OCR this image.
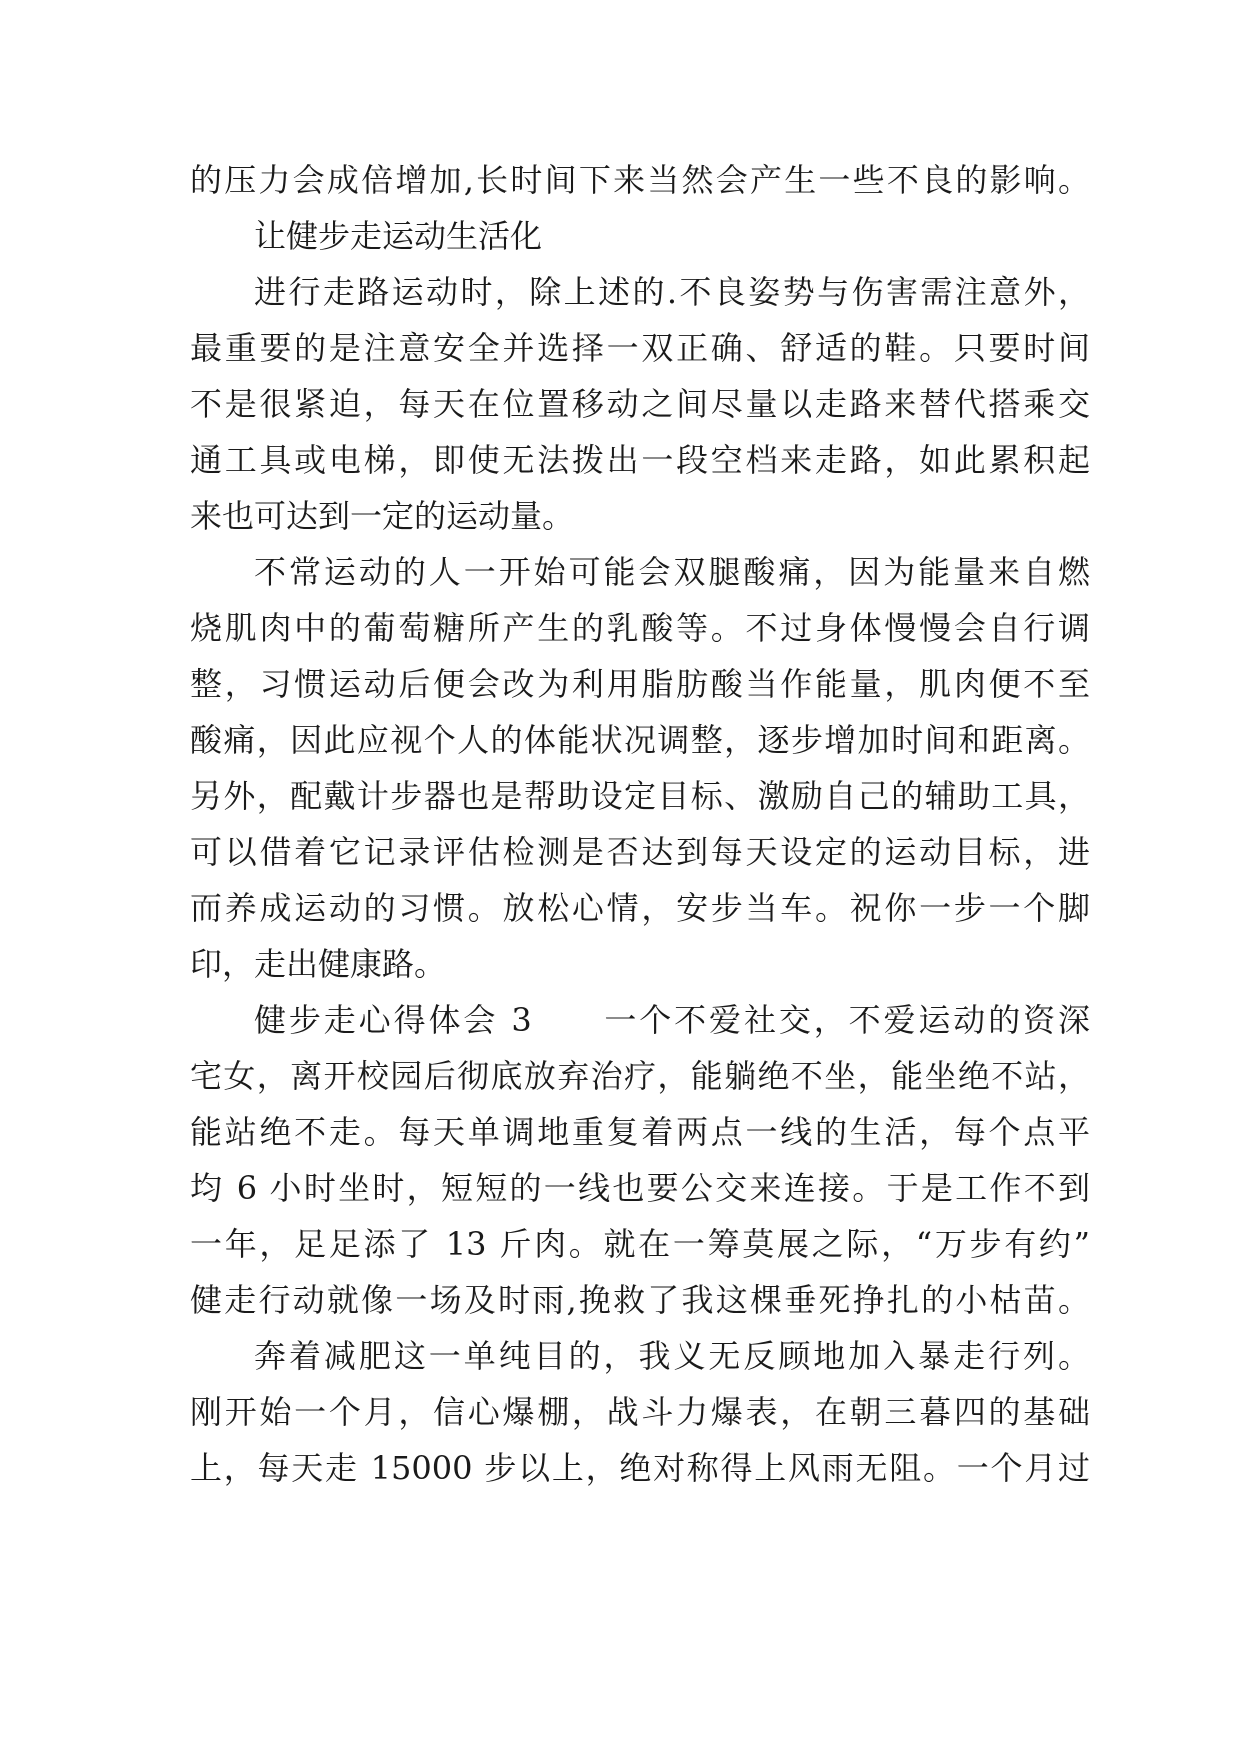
的压力会成倍增加,长时间下来当然会产生一些不良的影响。
让健步走运动生活化
进行走路运动时，除上述的.不良姿势与伤害需注意外，
最重要的是注意安全并选择一双正确、舒适的鞋。只要时间
不是很紧迫，每天在位置移动之间尽量以走路来替代搭乘交
通工具或电梯，即使无法拨出一段空档来走路，如此累积起
来也可达到一定的运动量。
不常运动的人一开始可能会双腿酸痛，因为能量来自燃
烧肌肉中的葡萄糖所产生的乳酸等。不过身体慢慢会自行调
整，习惯运动后便会改为利用脂肪酸当作能量，肌肉便不至
酸痛，因此应视个人的体能状况调整，逐步增加时间和距离。
另外，配戴计步器也是帮助设定目标、激励自己的辅助工具，
可以借着它记录评估检测是否达到每天设定的运动目标，进
而养成运动的习惯。放松心情，安步当车。祝你一步一个脚
印，走出健康路。
健步走心得体会 3　　一个不爱社交，不爱运动的资深
宅女，离开校园后彻底放弃治疗，能躺绝不坐，能坐绝不站，
能站绝不走。每天单调地重复着两点一线的生活，每个点平
均 6 小时坐时，短短的一线也要公交来连接。于是工作不到
一年，足足添了 13 斤肉。就在一筹莫展之际，“万步有约”
健走行动就像一场及时雨,挽救了我这棵垂死挣扎的小枯苗。
奔着减肥这一单纯目的，我义无反顾地加入暴走行列。
刚开始一个月，信心爆棚，战斗力爆表，在朝三暮四的基础
上，每天走 15000 步以上，绝对称得上风雨无阻。一个月过
